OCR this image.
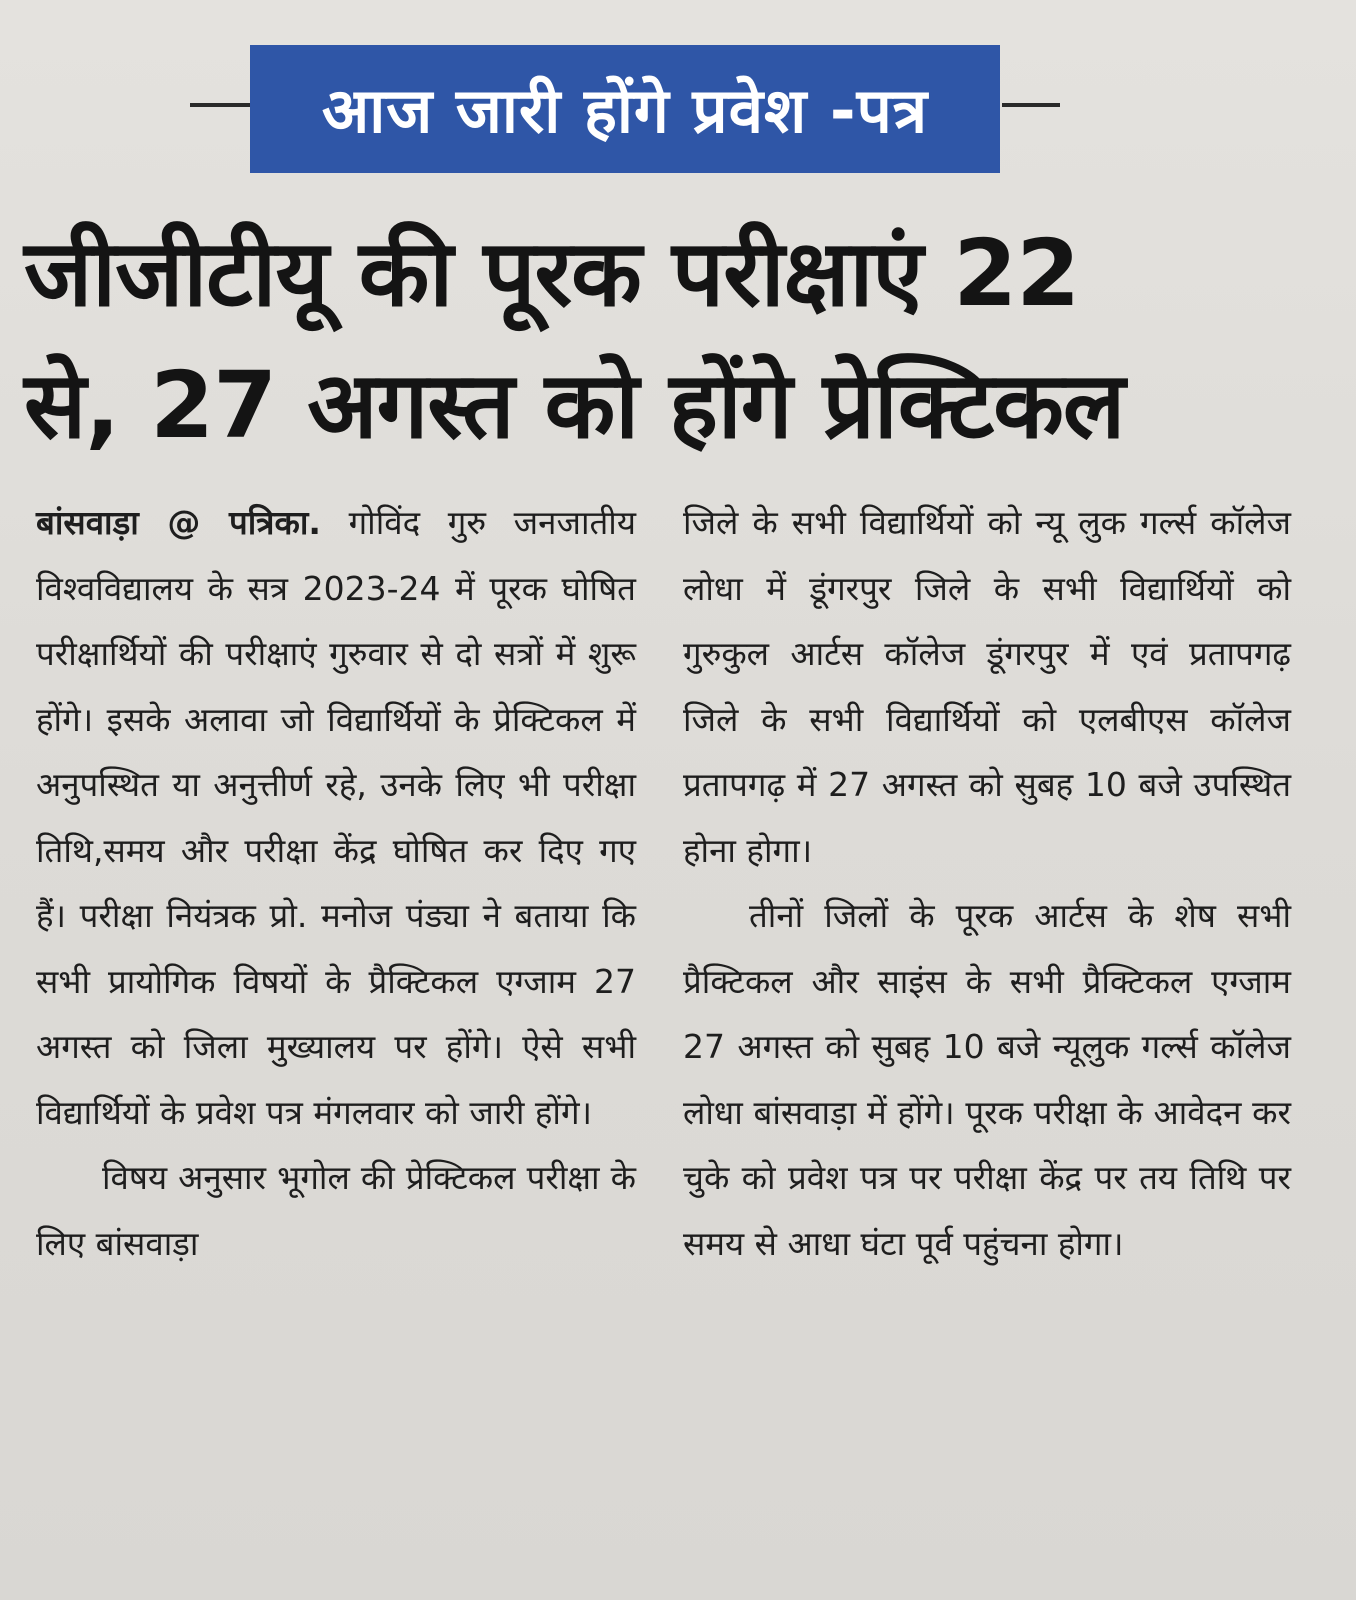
आज जारी होंगे प्रवेश -पत्र
जीजीटीयू की पूरक परीक्षाएं 22
से, 27 अगस्त को होंगे प्रेक्टिकल

बांसवाड़ा @ पत्रिका. गोविंद गुरु जनजातीय विश्वविद्यालय के सत्र 2023-24 में पूरक घोषित परीक्षार्थियों की परीक्षाएं गुरुवार से दो सत्रों में शुरू होंगे। इसके अलावा जो विद्यार्थियों के प्रेक्टिकल में अनुपस्थित या अनुत्तीर्ण रहे, उनके लिए भी परीक्षा तिथि,समय और परीक्षा केंद्र घोषित कर दिए गए हैं। परीक्षा नियंत्रक प्रो. मनोज पंड्या ने बताया कि सभी प्रायोगिक विषयों के प्रैक्टिकल एग्जाम 27 अगस्त को जिला मुख्यालय पर होंगे। ऐसे सभी विद्यार्थियों के प्रवेश पत्र मंगलवार को जारी होंगे।

विषय अनुसार भूगोल की प्रेक्टिकल परीक्षा के लिए बांसवाड़ा

जिले के सभी विद्यार्थियों को न्यू लुक गर्ल्स कॉलेज लोधा में डूंगरपुर जिले के सभी विद्यार्थियों को गुरुकुल आर्टस कॉलेज डूंगरपुर में एवं प्रतापगढ़ जिले के सभी विद्यार्थियों को एलबीएस कॉलेज प्रतापगढ़ में 27 अगस्त को सुबह 10 बजे उपस्थित होना होगा।

तीनों जिलों के पूरक आर्टस के शेष सभी प्रैक्टिकल और साइंस के सभी प्रैक्टिकल एग्जाम 27 अगस्त को सुबह 10 बजे न्यूलुक गर्ल्स कॉलेज लोधा बांसवाड़ा में होंगे। पूरक परीक्षा के आवेदन कर चुके को प्रवेश पत्र पर परीक्षा केंद्र पर तय तिथि पर समय से आधा घंटा पूर्व पहुंचना होगा।
